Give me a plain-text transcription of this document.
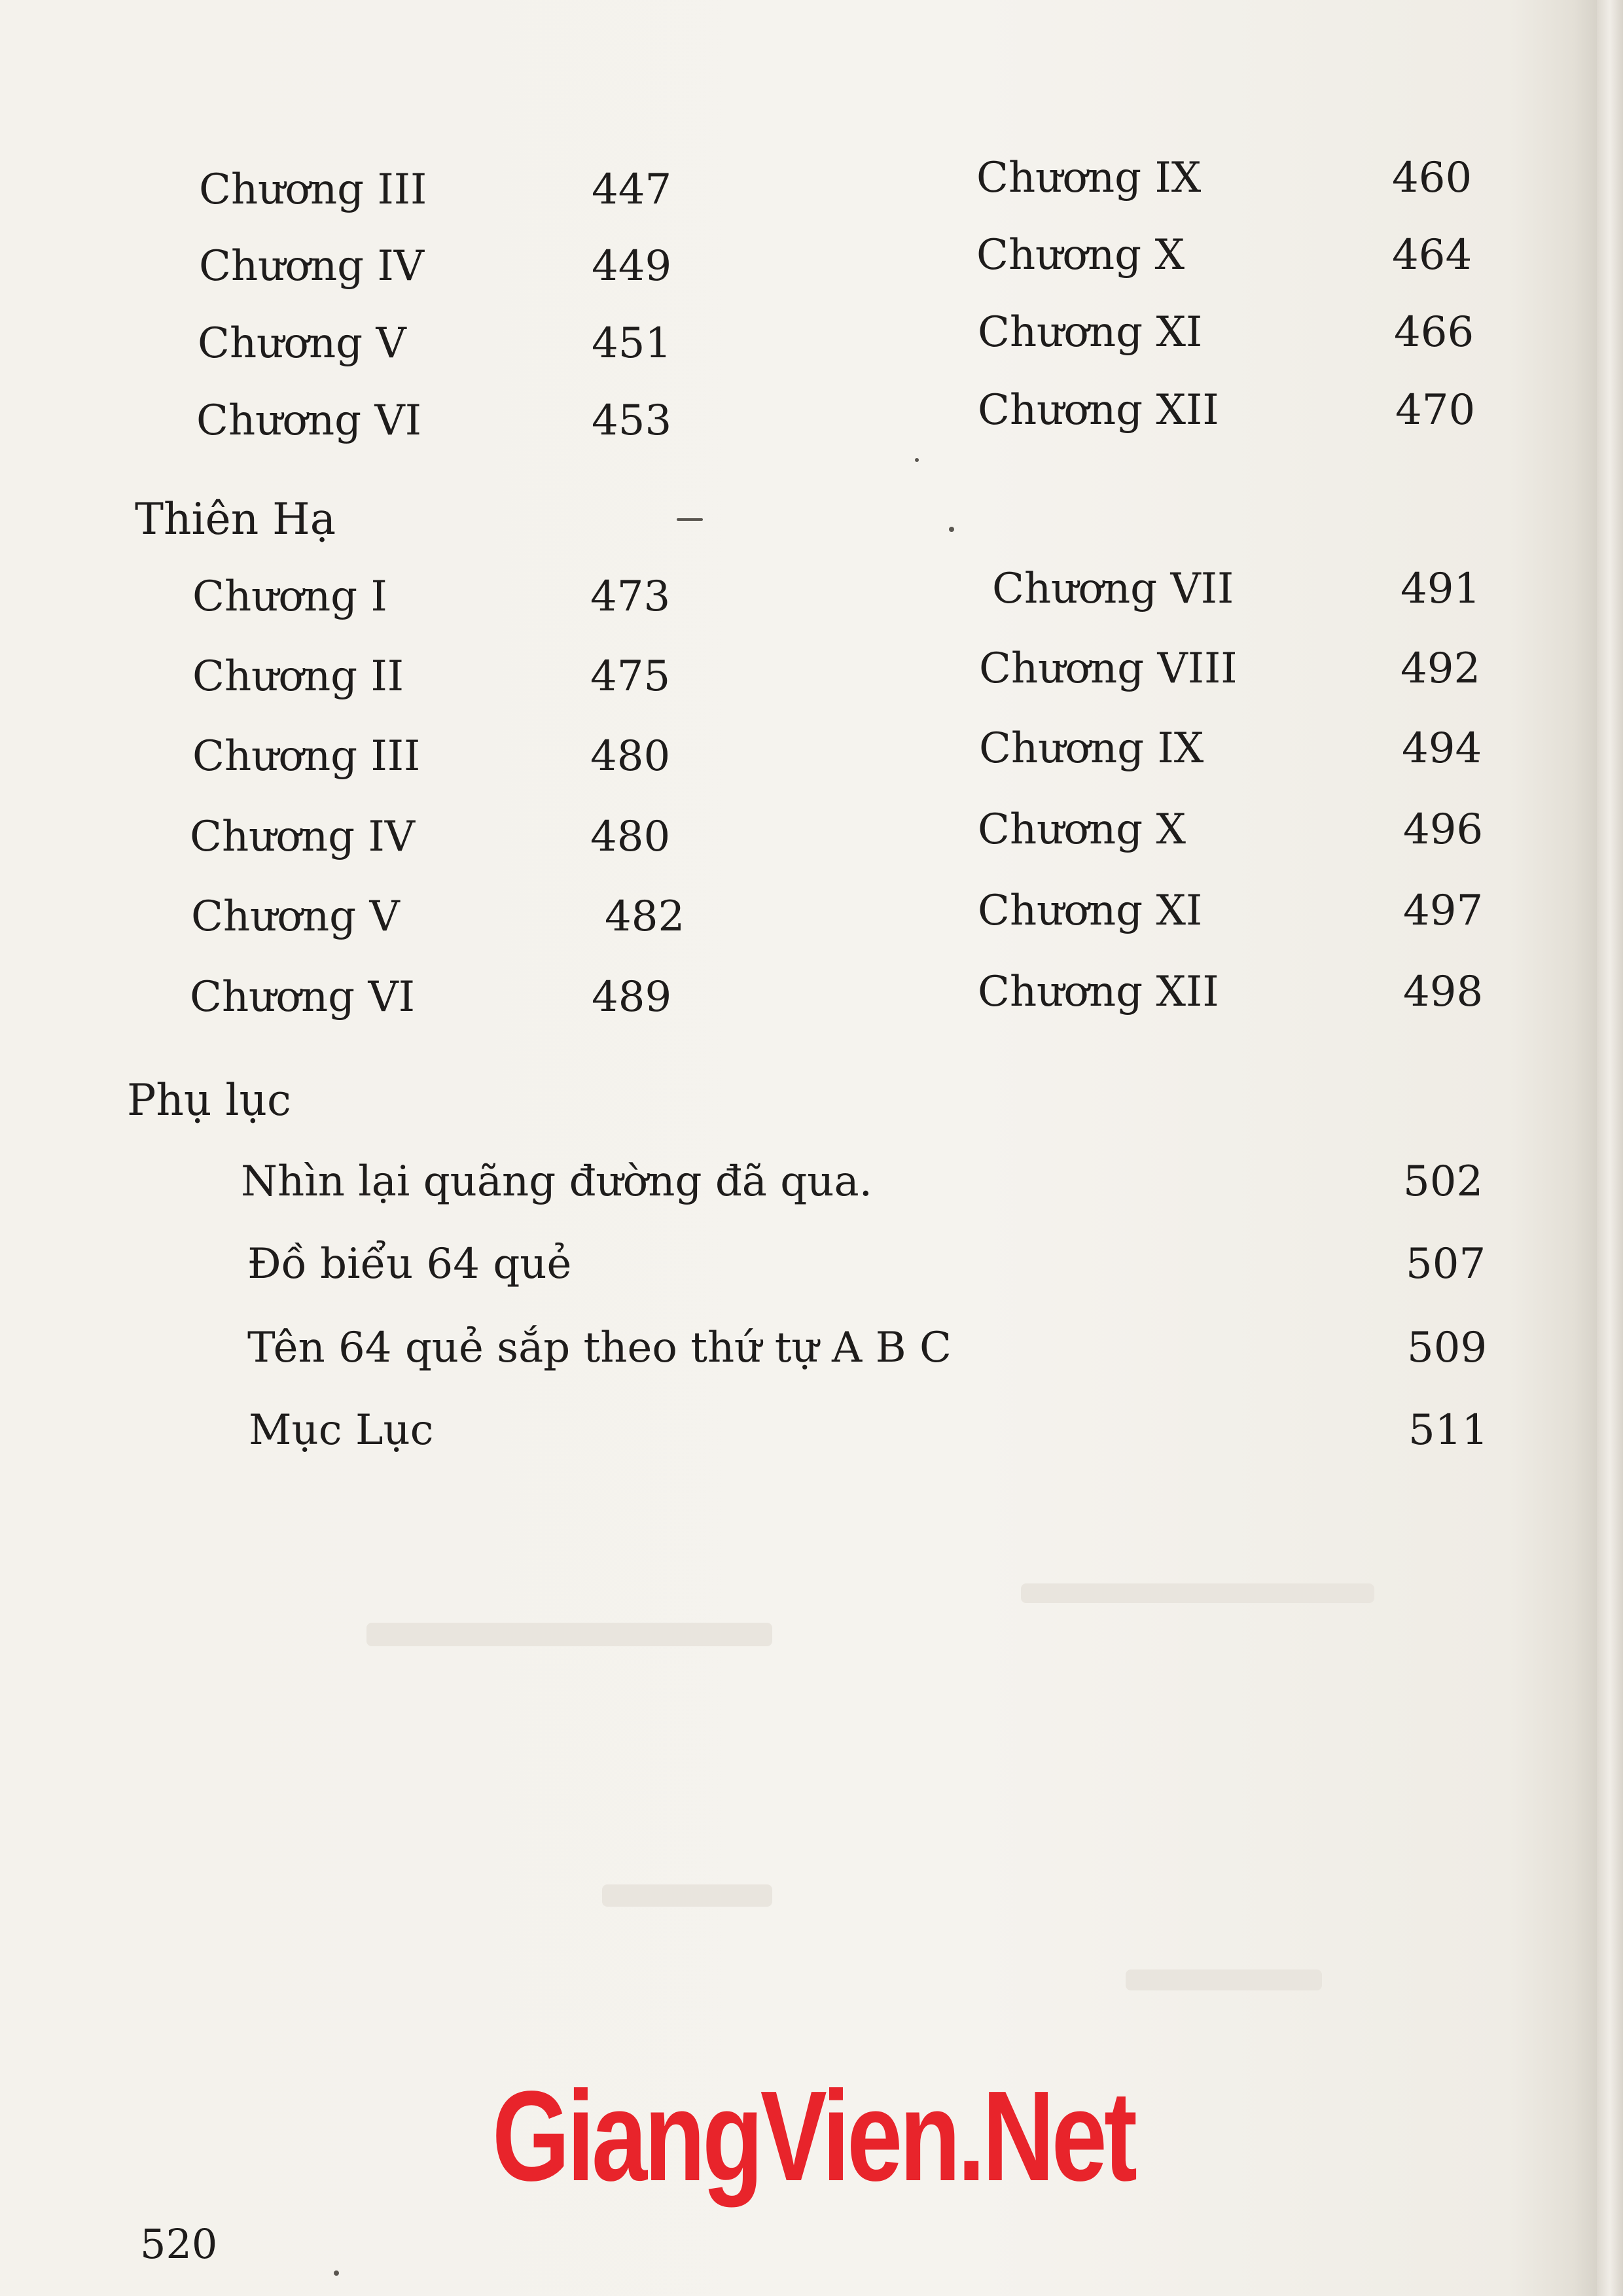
Chương III	447
Chương IV	449
Chương V	451
Chương VI	453
Chương IX	460
Chương X	464
Chương XI	466
Chương XII	470
Thiên Hạ
Chương I	473
Chương II	475
Chương III	480
Chương IV	480
Chương V	482
Chương VI	489
Chương VII	491
Chương VIII	492
Chương IX	494
Chương X	496
Chương XI	497
Chương XII	498
Phụ lục
Nhìn lại quãng đường đã qua.	502
Đồ biểu 64 quẻ	507
Tên 64 quẻ sắp theo thứ tự A B C	509
Mục Lục	511
520
GiangVien.Net
